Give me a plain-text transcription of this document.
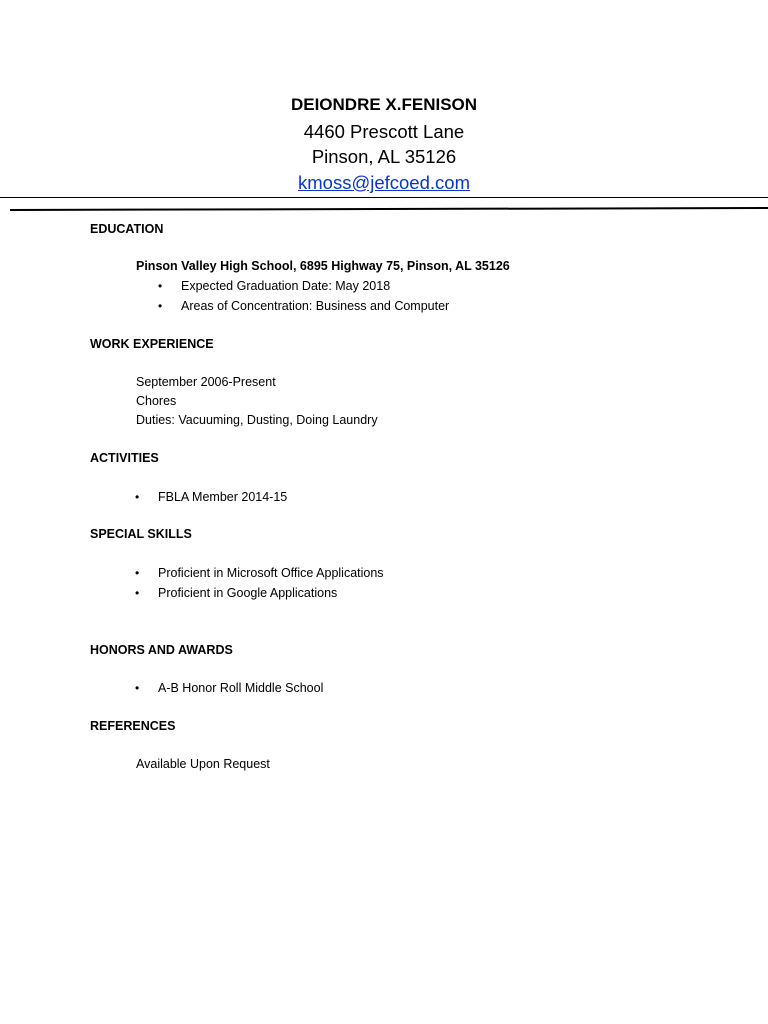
DEIONDRE X.FENISON
4460 Prescott Lane
Pinson, AL 35126
kmoss@jefcoed.com
EDUCATION
Pinson Valley High School, 6895 Highway 75, Pinson, AL 35126
• Expected Graduation Date: May 2018
• Areas of Concentration: Business and Computer
WORK EXPERIENCE
September 2006-Present
Chores
Duties: Vacuuming, Dusting, Doing Laundry
ACTIVITIES
• FBLA Member 2014-15
SPECIAL SKILLS
• Proficient in Microsoft Office Applications
• Proficient in Google Applications
HONORS AND AWARDS
• A-B Honor Roll Middle School
REFERENCES
Available Upon Request
